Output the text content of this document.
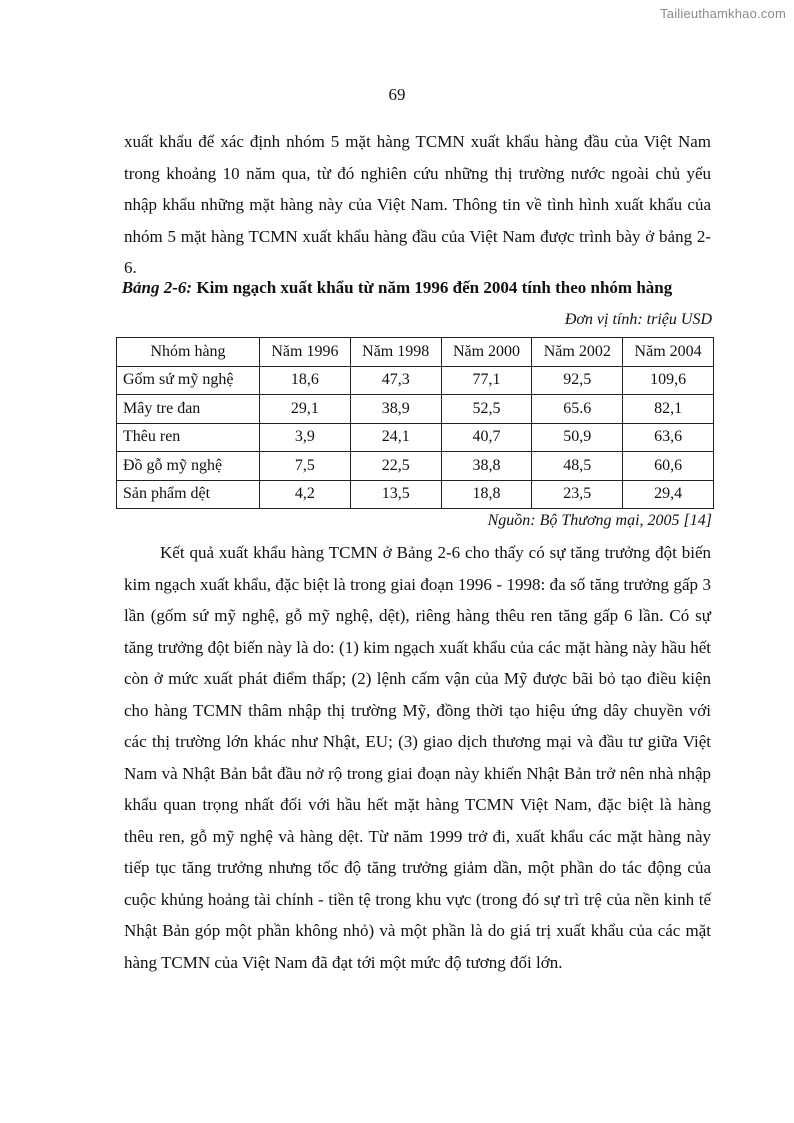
Tailieuthamkhao.com
69

xuất khẩu để xác định nhóm 5 mặt hàng TCMN xuất khẩu hàng đầu của Việt Nam trong khoảng 10 năm qua, từ đó nghiên cứu những thị trường nước ngoài chủ yếu nhập khẩu những mặt hàng này của Việt Nam. Thông tin về tình hình xuất khẩu của nhóm 5 mặt hàng TCMN xuất khẩu hàng đầu của Việt Nam được trình bày ở bảng 2-6.

Bảng 2-6: Kim ngạch xuất khẩu từ năm 1996 đến 2004 tính theo nhóm hàng
Đơn vị tính: triệu USD
Nhóm hàng	Năm 1996	Năm 1998	Năm 2000	Năm 2002	Năm 2004
Gốm sứ mỹ nghệ	18,6	47,3	77,1	92,5	109,6
Mây tre đan	29,1	38,9	52,5	65.6	82,1
Thêu ren	3,9	24,1	40,7	50,9	63,6
Đồ gỗ mỹ nghệ	7,5	22,5	38,8	48,5	60,6
Sản phẩm dệt	4,2	13,5	18,8	23,5	29,4
Nguồn: Bộ Thương mại, 2005 [14]

Kết quả xuất khẩu hàng TCMN ở Bảng 2-6 cho thấy có sự tăng trưởng đột biến kim ngạch xuất khẩu, đặc biệt là trong giai đoạn 1996 - 1998: đa số tăng trưởng gấp 3 lần (gốm sứ mỹ nghệ, gỗ mỹ nghệ, dệt), riêng hàng thêu ren tăng gấp 6 lần. Có sự tăng trưởng đột biến này là do: (1) kim ngạch xuất khẩu của các mặt hàng này hầu hết còn ở mức xuất phát điểm thấp; (2) lệnh cấm vận của Mỹ được bãi bỏ tạo điều kiện cho hàng TCMN thâm nhập thị trường Mỹ, đồng thời tạo hiệu ứng dây chuyền với các thị trường lớn khác như Nhật, EU; (3) giao dịch thương mại và đầu tư giữa Việt Nam và Nhật Bản bắt đầu nở rộ trong giai đoạn này khiến Nhật Bản trở nên nhà nhập khẩu quan trọng nhất đối với hầu hết mặt hàng TCMN Việt Nam, đặc biệt là hàng thêu ren, gỗ mỹ nghệ và hàng dệt. Từ năm 1999 trở đi, xuất khẩu các mặt hàng này tiếp tục tăng trưởng nhưng tốc độ tăng trưởng giảm dần, một phần do tác động của cuộc khủng hoảng tài chính - tiền tệ trong khu vực (trong đó sự trì trệ của nền kinh tế Nhật Bản góp một phần không nhỏ) và một phần là do giá trị xuất khẩu của các mặt hàng TCMN của Việt Nam đã đạt tới một mức độ tương đối lớn.
